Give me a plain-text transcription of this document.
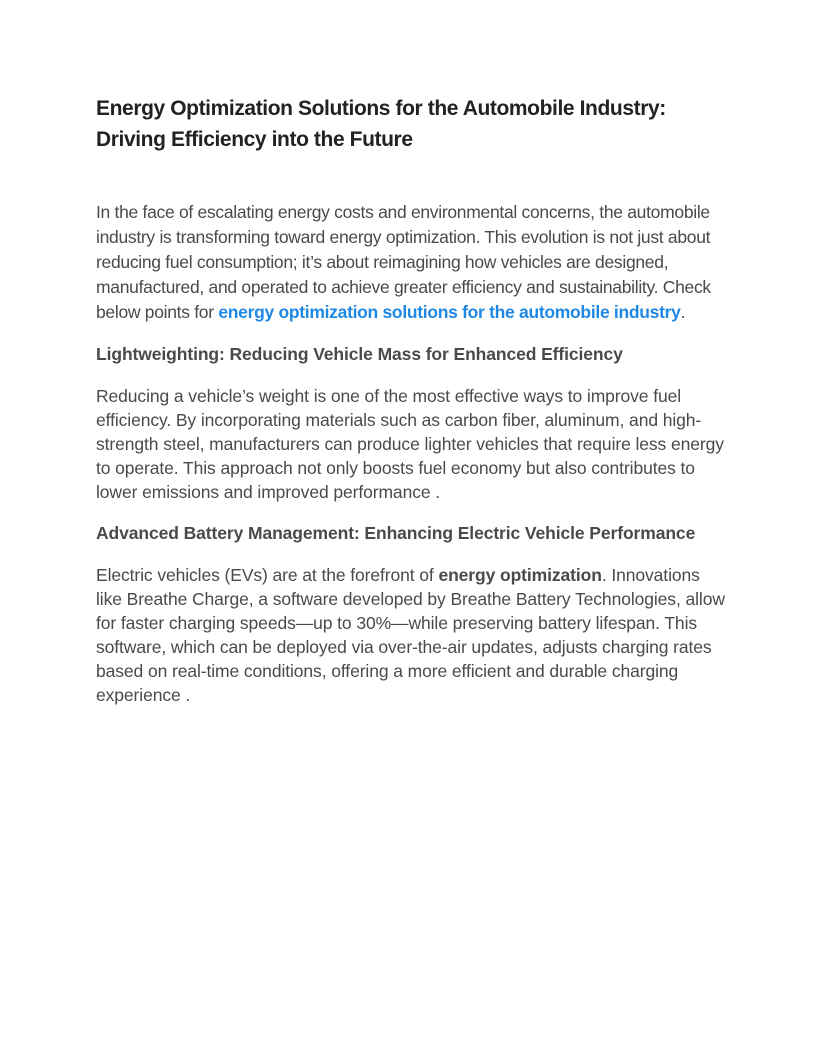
Energy Optimization Solutions for the Automobile Industry:
Driving Efficiency into the Future

In the face of escalating energy costs and environmental concerns, the automobile industry is transforming toward energy optimization. This evolution is not just about reducing fuel consumption; it’s about reimagining how vehicles are designed, manufactured, and operated to achieve greater efficiency and sustainability. Check below points for energy optimization solutions for the automobile industry.

Lightweighting: Reducing Vehicle Mass for Enhanced Efficiency

Reducing a vehicle’s weight is one of the most effective ways to improve fuel efficiency. By incorporating materials such as carbon fiber, aluminum, and high-strength steel, manufacturers can produce lighter vehicles that require less energy to operate. This approach not only boosts fuel economy but also contributes to lower emissions and improved performance .

Advanced Battery Management: Enhancing Electric Vehicle Performance

Electric vehicles (EVs) are at the forefront of energy optimization. Innovations like Breathe Charge, a software developed by Breathe Battery Technologies, allow for faster charging speeds—up to 30%—while preserving battery lifespan. This software, which can be deployed via over-the-air updates, adjusts charging rates based on real-time conditions, offering a more efficient and durable charging experience .
